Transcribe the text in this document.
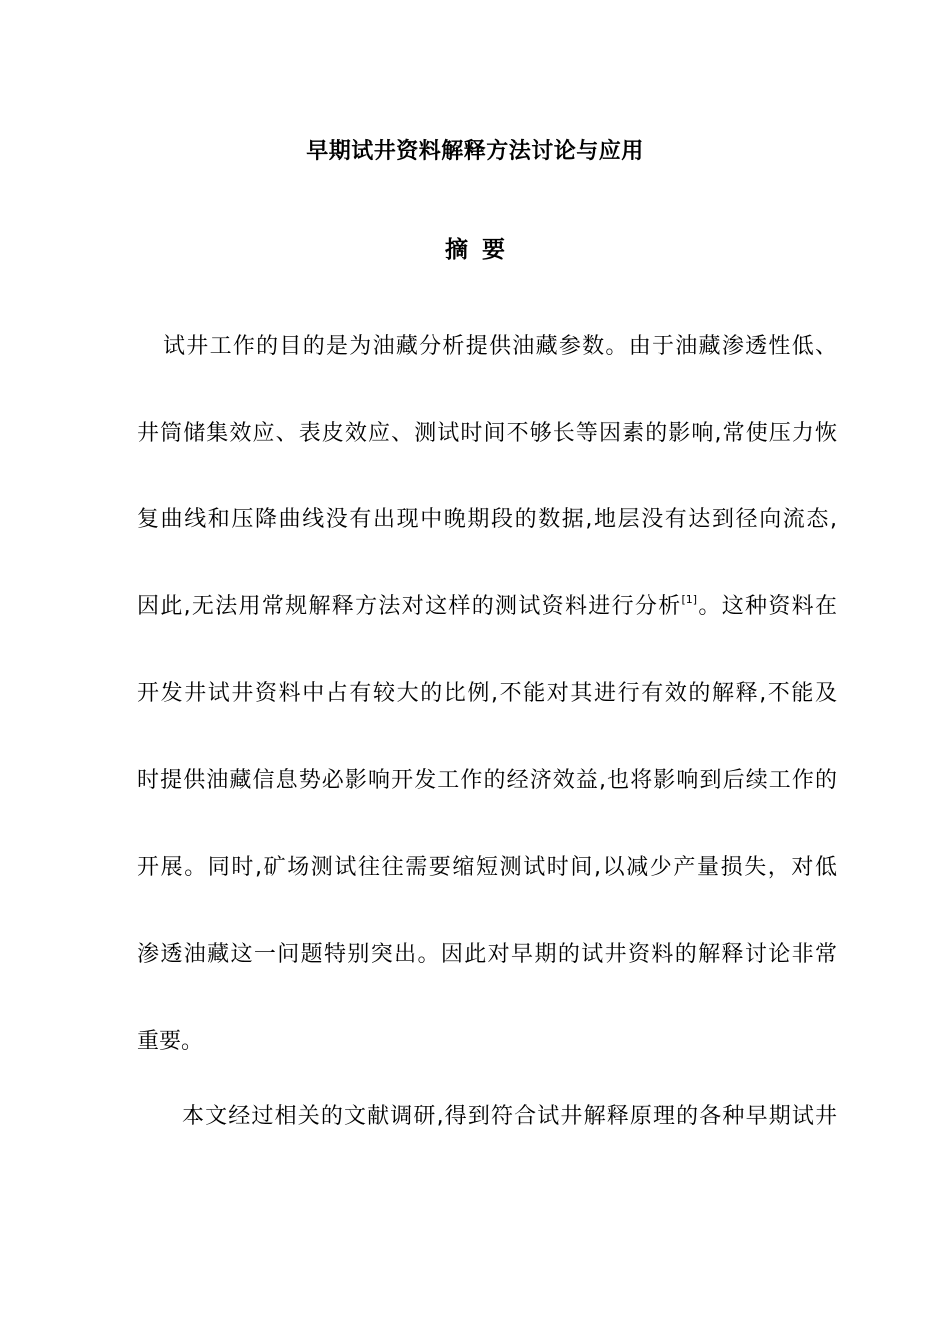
早期试井资料解释方法讨论与应用
摘要
试井工作的目的是为油藏分析提供油藏参数。由于油藏渗透性低、
井筒储集效应、表皮效应、测试时间不够长等因素的影响,常使压力恢
复曲线和压降曲线没有出现中晚期段的数据,地层没有达到径向流态,
因此,无法用常规解释方法对这样的测试资料进行分析[1]。这种资料在
开发井试井资料中占有较大的比例,不能对其进行有效的解释,不能及
时提供油藏信息势必影响开发工作的经济效益,也将影响到后续工作的
开展。同时,矿场测试往往需要缩短测试时间,以减少产量损失，对低
渗透油藏这一问题特别突出。因此对早期的试井资料的解释讨论非常
重要。
本文经过相关的文献调研,得到符合试井解释原理的各种早期试井
